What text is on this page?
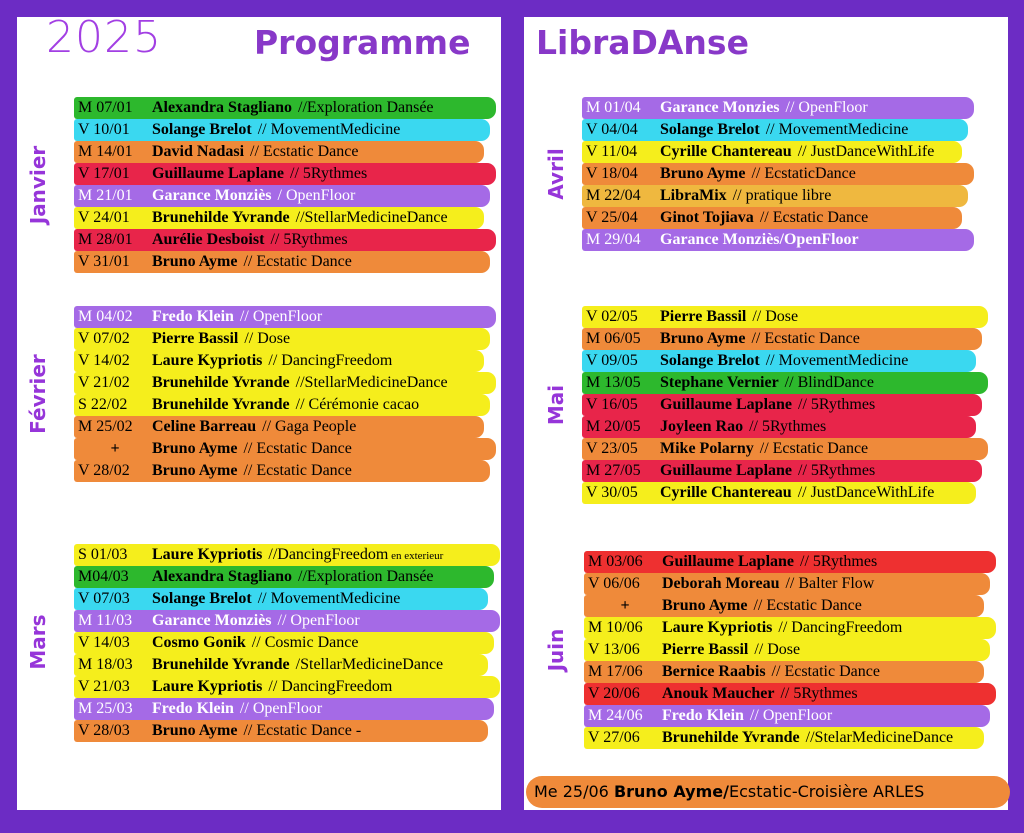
2025	Programme LibraDAnse
Janvier
M 07/01 Alexandra Stagliano //Exploration Dansée
V 10/01 Solange Brelot // MovementMedicine
M 14/01 David Nadasi // Ecstatic Dance
V 17/01 Guillaume Laplane // 5Rythmes
M 21/01 Garance Monziès / OpenFloor
V 24/01 Brunehilde Yvrande //StellarMedicineDance
M 28/01 Aurélie Desboist // 5Rythmes
V 31/01 Bruno Ayme // Ecstatic Dance
Février
M 04/02 Fredo Klein // OpenFloor
V 07/02 Pierre Bassil // Dose
V 14/02 Laure Kypriotis // DancingFreedom
V 21/02 Brunehilde Yvrande //StellarMedicineDance
S 22/02 Brunehilde Yvrande // Cérémonie cacao
M 25/02 Celine Barreau // Gaga People
+ Bruno Ayme // Ecstatic Dance
V 28/02 Bruno Ayme // Ecstatic Dance
Mars
S 01/03 Laure Kypriotis //DancingFreedom en exterieur
M04/03 Alexandra Stagliano //Exploration Dansée
V 07/03 Solange Brelot // MovementMedicine
M 11/03 Garance Monziès // OpenFloor
V 14/03 Cosmo Gonik // Cosmic Dance
M 18/03 Brunehilde Yvrande /StellarMedicineDance
V 21/03 Laure Kypriotis // DancingFreedom
M 25/03 Fredo Klein // OpenFloor
V 28/03 Bruno Ayme // Ecstatic Dance -
Avril
M 01/04 Garance Monzies // OpenFloor
V 04/04 Solange Brelot // MovementMedicine
V 11/04 Cyrille Chantereau // JustDanceWithLife
V 18/04 Bruno Ayme // EcstaticDance
M 22/04 LibraMix // pratique libre
V 25/04 Ginot Tojiava // Ecstatic Dance
M 29/04 Garance Monziès/OpenFloor
Mai
V 02/05 Pierre Bassil // Dose
M 06/05 Bruno Ayme // Ecstatic Dance
V 09/05 Solange Brelot // MovementMedicine
M 13/05 Stephane Vernier // BlindDance
V 16/05 Guillaume Laplane // 5Rythmes
M 20/05 Joyleen Rao // 5Rythmes
V 23/05 Mike Polarny // Ecstatic Dance
M 27/05 Guillaume Laplane // 5Rythmes
V 30/05 Cyrille Chantereau // JustDanceWithLife
Juin
M 03/06 Guillaume Laplane // 5Rythmes
V 06/06 Deborah Moreau // Balter Flow
+ Bruno Ayme // Ecstatic Dance
M 10/06 Laure Kypriotis // DancingFreedom
V 13/06 Pierre Bassil // Dose
M 17/06 Bernice Raabis // Ecstatic Dance
V 20/06 Anouk Maucher // 5Rythmes
M 24/06 Fredo Klein // OpenFloor
V 27/06 Brunehilde Yvrande //StelarMedicineDance
Me 25/06 Bruno Ayme/Ecstatic-Croisière ARLES
